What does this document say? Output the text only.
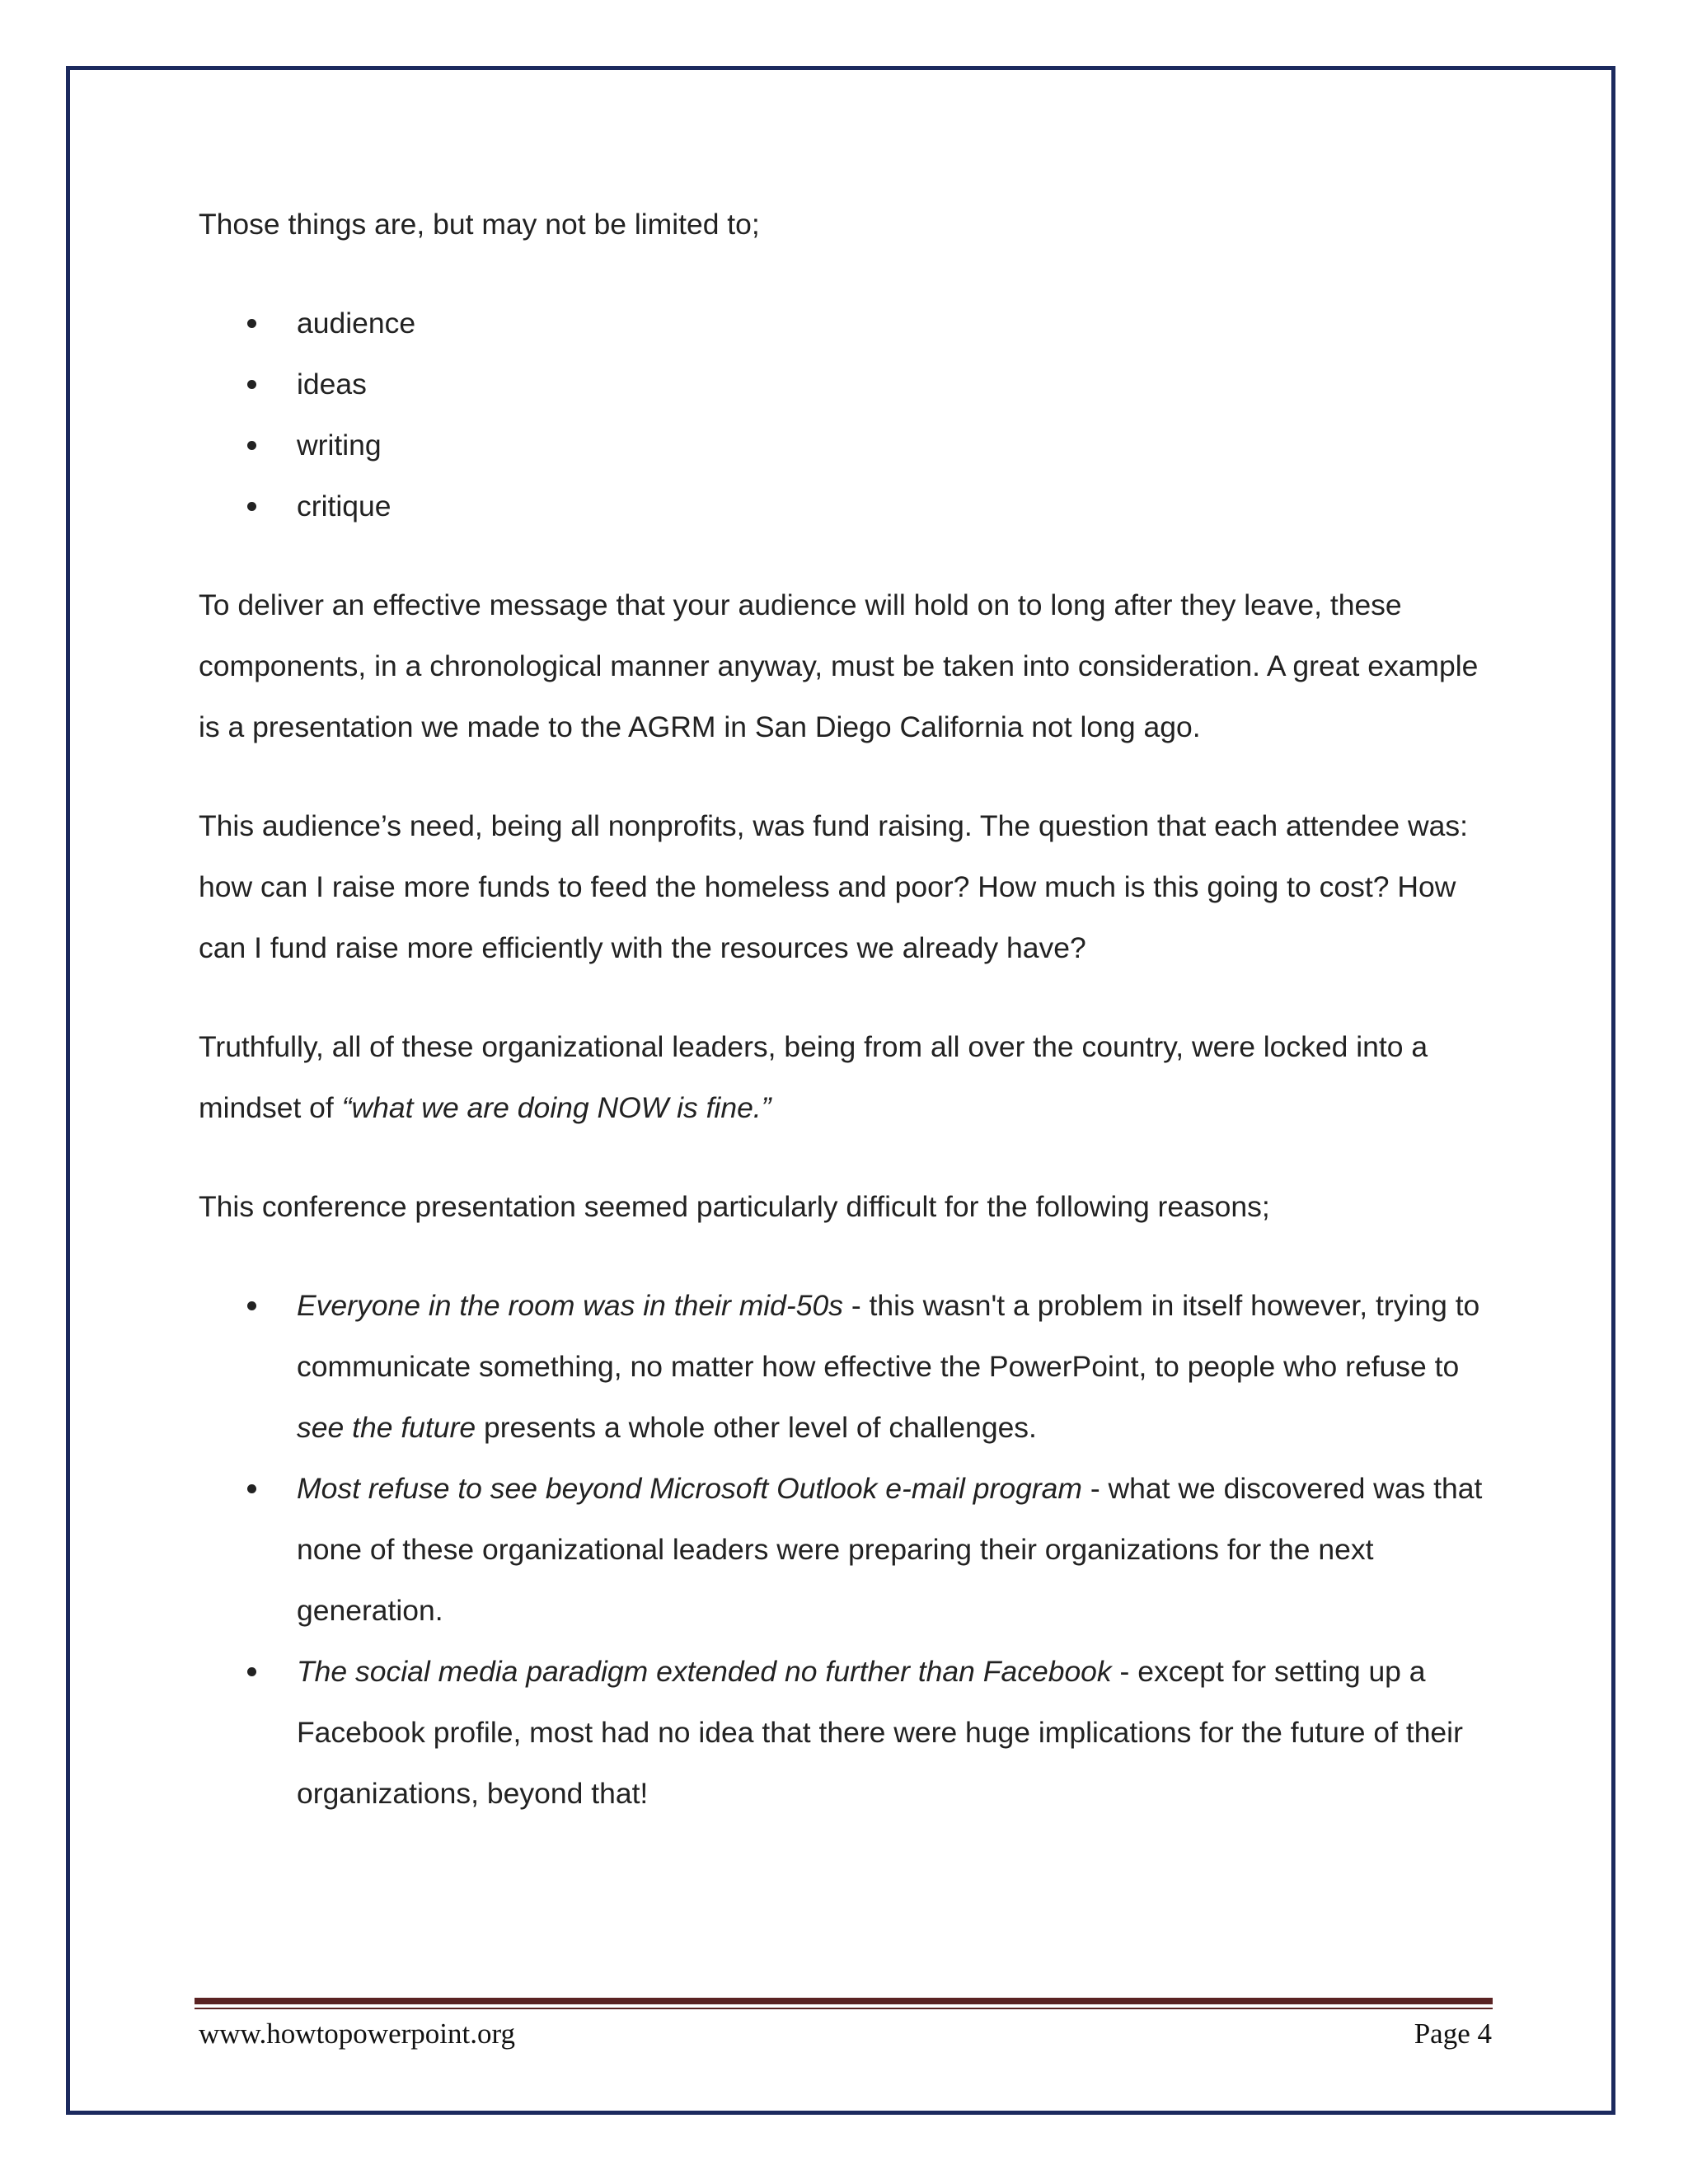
Those things are, but may not be limited to;

audience
ideas
writing
critique

To deliver an effective message that your audience will hold on to long after they leave, these components, in a chronological manner anyway, must be taken into consideration. A great example is a presentation we made to the AGRM in San Diego California not long ago.

This audience’s need, being all nonprofits, was fund raising. The question that each attendee was: how can I raise more funds to feed the homeless and poor? How much is this going to cost? How can I fund raise more efficiently with the resources we already have?

Truthfully, all of these organizational leaders, being from all over the country, were locked into a mindset of “what we are doing NOW is fine.”

This conference presentation seemed particularly difficult for the following reasons;

Everyone in the room was in their mid-50s - this wasn't a problem in itself however, trying to communicate something, no matter how effective the PowerPoint, to people who refuse to see the future presents a whole other level of challenges.
Most refuse to see beyond Microsoft Outlook e-mail program - what we discovered was that none of these organizational leaders were preparing their organizations for the next generation.
The social media paradigm extended no further than Facebook - except for setting up a Facebook profile, most had no idea that there were huge implications for the future of their organizations, beyond that!
www.howtopowerpoint.org	Page 4
